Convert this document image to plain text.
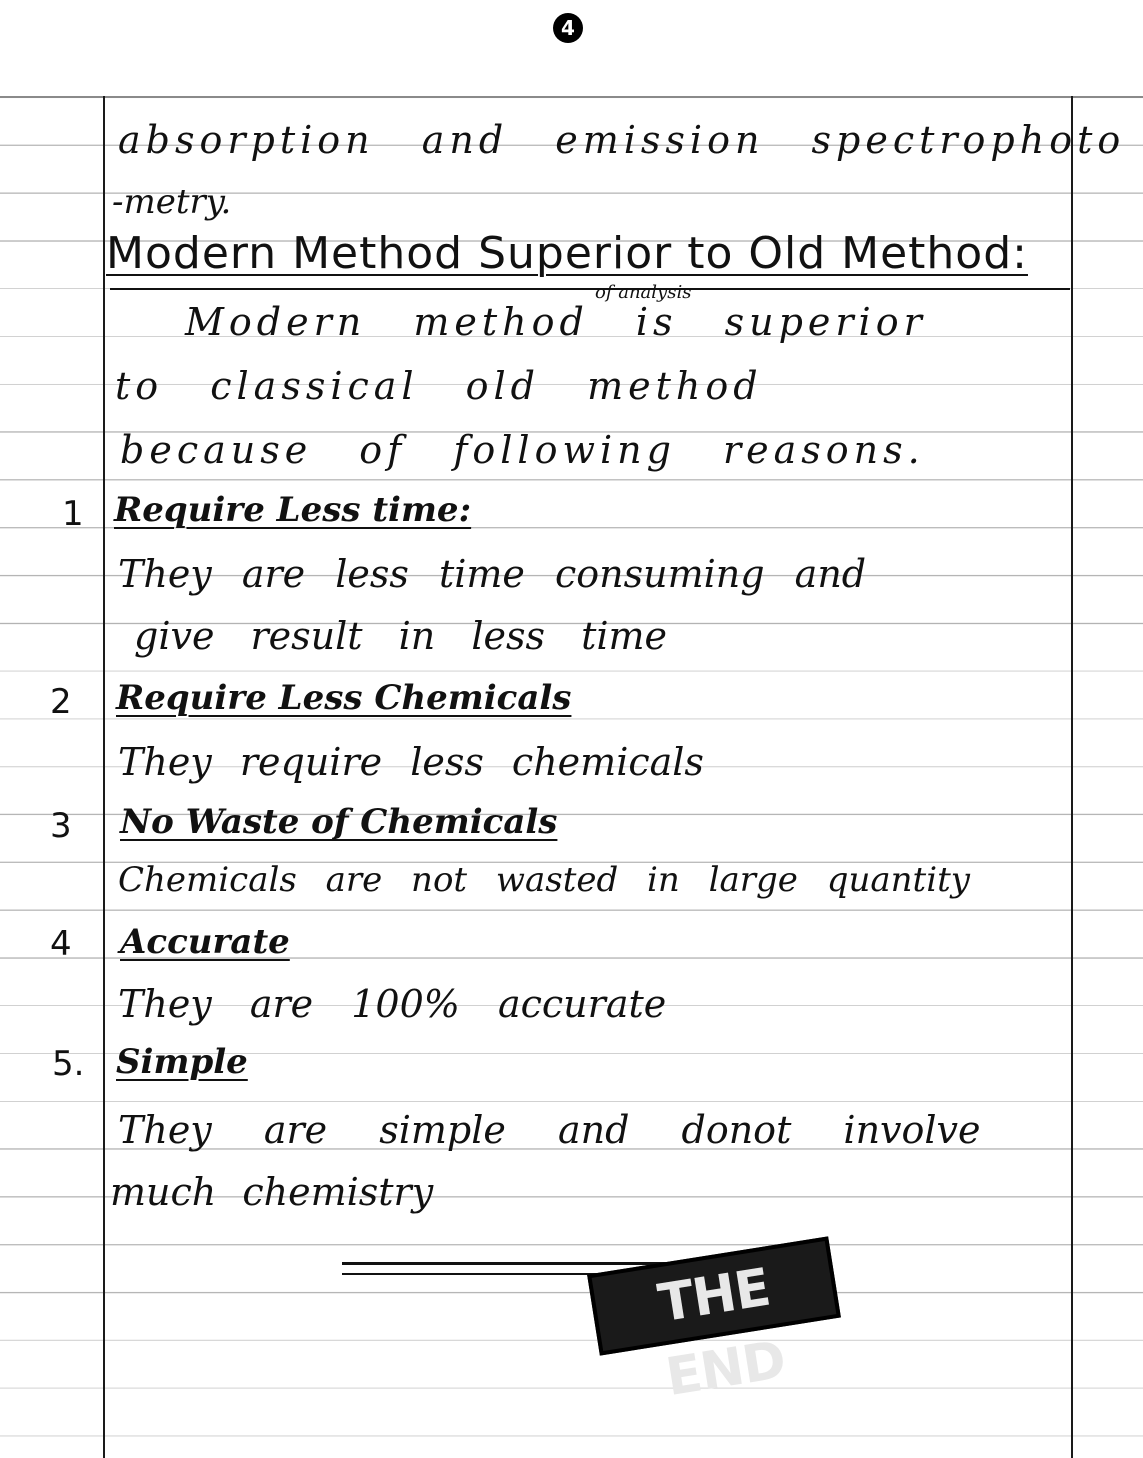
4
absorption and emission spectrophoto
-metry.
Modern Method Superior to Old Method:
of analysis
Modern method is superior
to classical old method
because of following reasons.
1 Require Less time:
They are less time consuming and
give result in less time
2 Require Less Chemicals
They require less chemicals
3 No Waste of Chemicals
Chemicals are not wasted in large quantity
4 Accurate
They are 100% accurate
5. Simple
They are simple and donot involve
much chemistry
THE END
